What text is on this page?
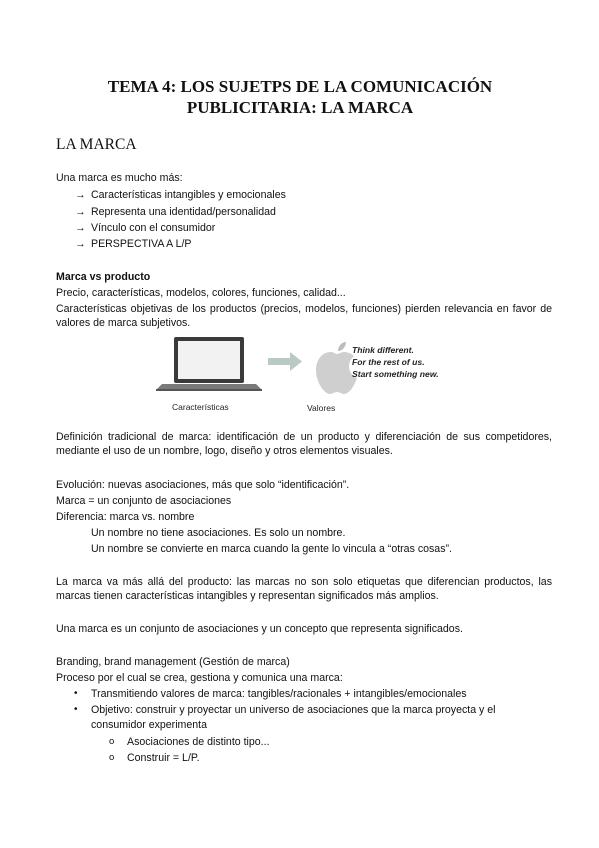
TEMA 4: LOS SUJETPS DE LA COMUNICACIÓN
PUBLICITARIA: LA MARCA
LA MARCA

Una marca es mucho más:

→ Características intangibles y emocionales

→ Representa una identidad/personalidad

→ Vínculo con el consumidor

→ PERSPECTIVA A L/P

Marca vs producto

Precio, características, modelos, colores, funciones, calidad...

Características objetivas de los productos (precios, modelos, funciones) pierden relevancia en favor de valores de marca subjetivos.

Think different.
For the rest of us.
Start something new.
Características	Valores

Definición tradicional de marca: identificación de un producto y diferenciación de sus competidores, mediante el uso de un nombre, logo, diseño y otros elementos visuales.

Evolución: nuevas asociaciones, más que solo “identificación”.

Marca = un conjunto de asociaciones

Diferencia: marca vs. nombre

Un nombre no tiene asociaciones. Es solo un nombre.

Un nombre se convierte en marca cuando la gente lo vincula a “otras cosas”.

La marca va más allá del producto: las marcas no son solo etiquetas que diferencian productos, las marcas tienen características intangibles y representan significados más amplios.

Una marca es un conjunto de asociaciones y un concepto que representa significados.

Branding, brand management (Gestión de marca)

Proceso por el cual se crea, gestiona y comunica una marca:

• Transmitiendo valores de marca: tangibles/racionales + intangibles/emocionales

• Objetivo: construir y proyectar un universo de asociaciones que la marca proyecta y el

consumidor experimenta

o Asociaciones de distinto tipo...

o Construir = L/P.
